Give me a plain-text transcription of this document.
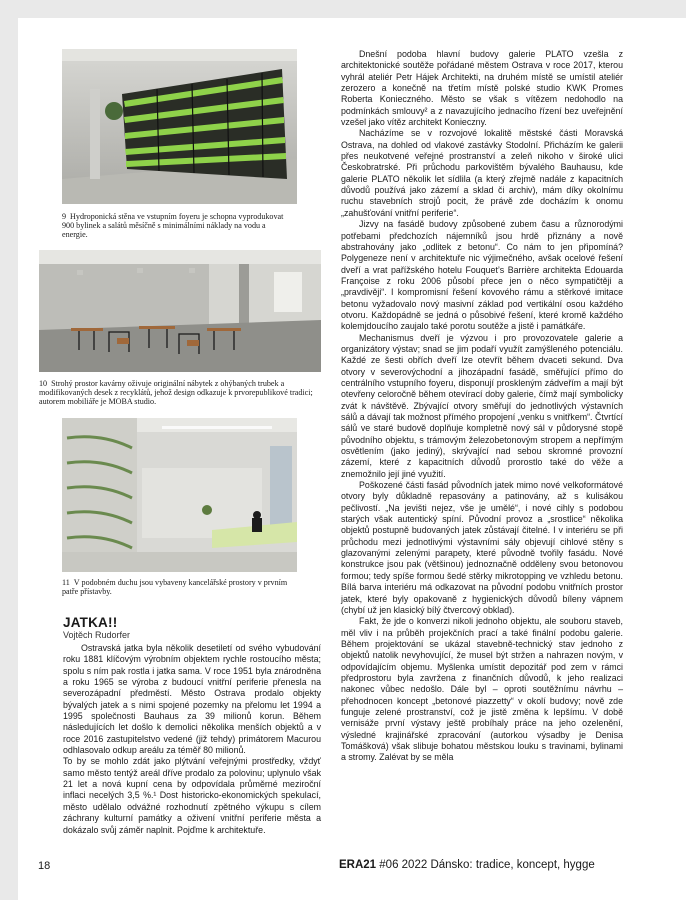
9 Hydroponická stěna ve vstupním foyeru je schopna vyprodukovat 900 bylinek a salátů měsíčně s minimálními náklady na vodu a energie.
10 Strohý prostor kavárny oživuje originální nábytek z ohýbaných trubek a modifikovaných desek z recyklátů, jehož design odkazuje k prvorepublikové tradici; autorem mobiliáře je MOBA studio.
11 V podobném duchu jsou vybaveny kancelářské prostory v prvním patře přístavby.
JATKA!!
Vojtěch Rudorfer

Ostravská jatka byla několik desetiletí od svého vybudování roku 1881 klíčovým výrobním objektem rychle rostoucího města; spolu s ním pak rostla i jatka sama. V roce 1951 byla znárodněna a roku 1965 se výroba z budoucí vnitřní periferie přenesla na severozápadní předměstí. Město Ostrava prodalo objekty bývalých jatek a s nimi spojené pozemky na přelomu let 1994 a 1995 společnosti Bauhaus za 39 milionů korun. Během následujících let došlo k demolici několika menších objektů a v roce 2016 zastupitelstvo vedené (již tehdy) primátorem Macurou odhlasovalo odkup areálu za téměř 80 milionů.

To by se mohlo zdát jako plýtvání veřejnými prostředky, vždyť samo město tentýž areál dříve prodalo za polovinu; uplynulo však 21 let a nová kupní cena by odpovídala průměrné meziroční inflaci necelých 3,5 %.¹ Dost historicko-ekonomických spekulací, město udělalo odvážné rozhodnutí zpětného výkupu s cílem záchrany kulturní památky a oživení vnitřní periferie města a dokázalo svůj záměr naplnit. Pojďme k architektuře.

Dnešní podoba hlavní budovy galerie PLATO vzešla z architektonické soutěže pořádané městem Ostrava v roce 2017, kterou vyhrál ateliér Petr Hájek Architekti, na druhém místě se umístil ateliér zerozero a konečně na třetím místě polské studio KWK Promes Roberta Konieczného. Město se však s vítězem nedohodlo na podmínkách smlouvy² a z navazujícího jednacího řízení bez uveřejnění vzešel jako vítěz architekt Konieczny.

Nacházíme se v rozvojové lokalitě městské části Moravská Ostrava, na dohled od vlakové zastávky Stodolní. Přicházím ke galerii přes neukotvené veřejné prostranství a zeleň nikoho v široké ulici Českobratrské. Při průchodu parkovištěm bývalého Bauhausu, kde galerie PLATO několik let sídlila (a který zřejmě nadále z kapacitních důvodů používá jako zázemí a sklad či archiv), mám díky okolnímu ruchu stavebních strojů pocit, že právě zde docházím k onomu „zahušťování vnitřní periferie“.

Jizvy na fasádě budovy způsobené zubem času a různorodými potřebami předchozích nájemníků jsou hrdě přiznány a nově abstrahovány jako „odlitek z betonu“. Co nám to jen připomíná? Polygeneze není v architektuře nic výjimečného, avšak ocelové řešení dveří a vrat pařížského hotelu Fouquet’s Barrière architekta Edouarda Françoise z roku 2006 působí přece jen o něco sympatičtěji a „pravdivěji“. I kompromisní řešení kovového rámu a stěrkové imitace betonu vyžadovalo nový masivní základ pod vertikální osou každého otvoru. Každopádně se jedná o působivé řešení, které kromě každého kolemjdoucího zaujalo také porotu soutěže a jistě i památkáře.

Mechanismus dveří je výzvou i pro provozovatele galerie a organizátory výstav; snad se jim podaří využít zamýšleného potenciálu. Každé ze šesti obřích dveří lze otevřít během dvaceti sekund. Dva otvory v severovýchodní a jihozápadní fasádě, směřující přímo do centrálního vstupního foyeru, disponují proskleným zádveřím a mají být otevřeny celoročně během otevírací doby galerie, čímž mají symbolicky zvát k návštěvě. Zbývající otvory směřují do jednotlivých výstavních sálů a dávají tak možnost přímého propojení „venku s vnitřkem“. Čtvrtící sálů ve staré budově doplňuje kompletně nový sál v půdorysné stopě původního objektu, s trámovým železobetonovým stropem a nepřímým osvětlením (jako jediný), skrývající nad sebou skromné provozní zázemí, které z kapacitních důvodů prorostlo také do věže a znemožnilo její jiné využití.

Poškozené části fasád původních jatek mimo nové velkoformátové otvory byly důkladně repasovány a patinovány, až s kulisákou pečlivostí. „Na jevišti nejez, vše je umělé“, i nové cihly s podobou starých však autentický spíní. Původní provoz a „srostlice“ několika objektů postupně budovaných jatek zůstávají čitelné. I v interiéru se při průchodu mezi jednotlivými výstavními sály objevují cihlové stěny s glazovanými zelenými parapety, které původně tvořily fasádu. Nové konstrukce jsou pak (většinou) jednoznačně odděleny svou betonovou formou; tedy spíše formou šedé stěrky mikrotopping ve vzhledu betonu. Bílá barva interiéru má odkazovat na původní podobu vnitřních prostor jatek, které byly opakovaně z hygienických důvodů bíleny vápnem (chybí už jen klasický bílý čtvercový obklad).

Fakt, že jde o konverzi nikoli jednoho objektu, ale souboru staveb, měl vliv i na průběh projekčních prací a také finální podobu galerie. Během projektování se ukázal stavebně-technický stav jednoho z objektů natolik nevyhovující, že musel být stržen a nahrazen novým, v odpovídajícím objemu. Myšlenka umístit depozitář pod zem v rámci předprostoru byla zavržena z finančních důvodů, k jeho realizaci nakonec vůbec nedošlo. Dále byl – oproti soutěžnímu návrhu – přehodnocen koncept „betonové piazzetty“ v okolí budovy; nově zde funguje zelené prostranství, což je jistě změna k lepšímu. V době vernisáže první výstavy ještě probíhaly práce na jeho ozelenění, výsledné krajinářské zpracování (autorkou výsadby je Denisa Tomášková) však slibuje bohatou městskou louku s travinami, bylinami a stromy. Zalévat by se měla

18	ERA21 #06 2022 Dánsko: tradice, koncept, hygge
